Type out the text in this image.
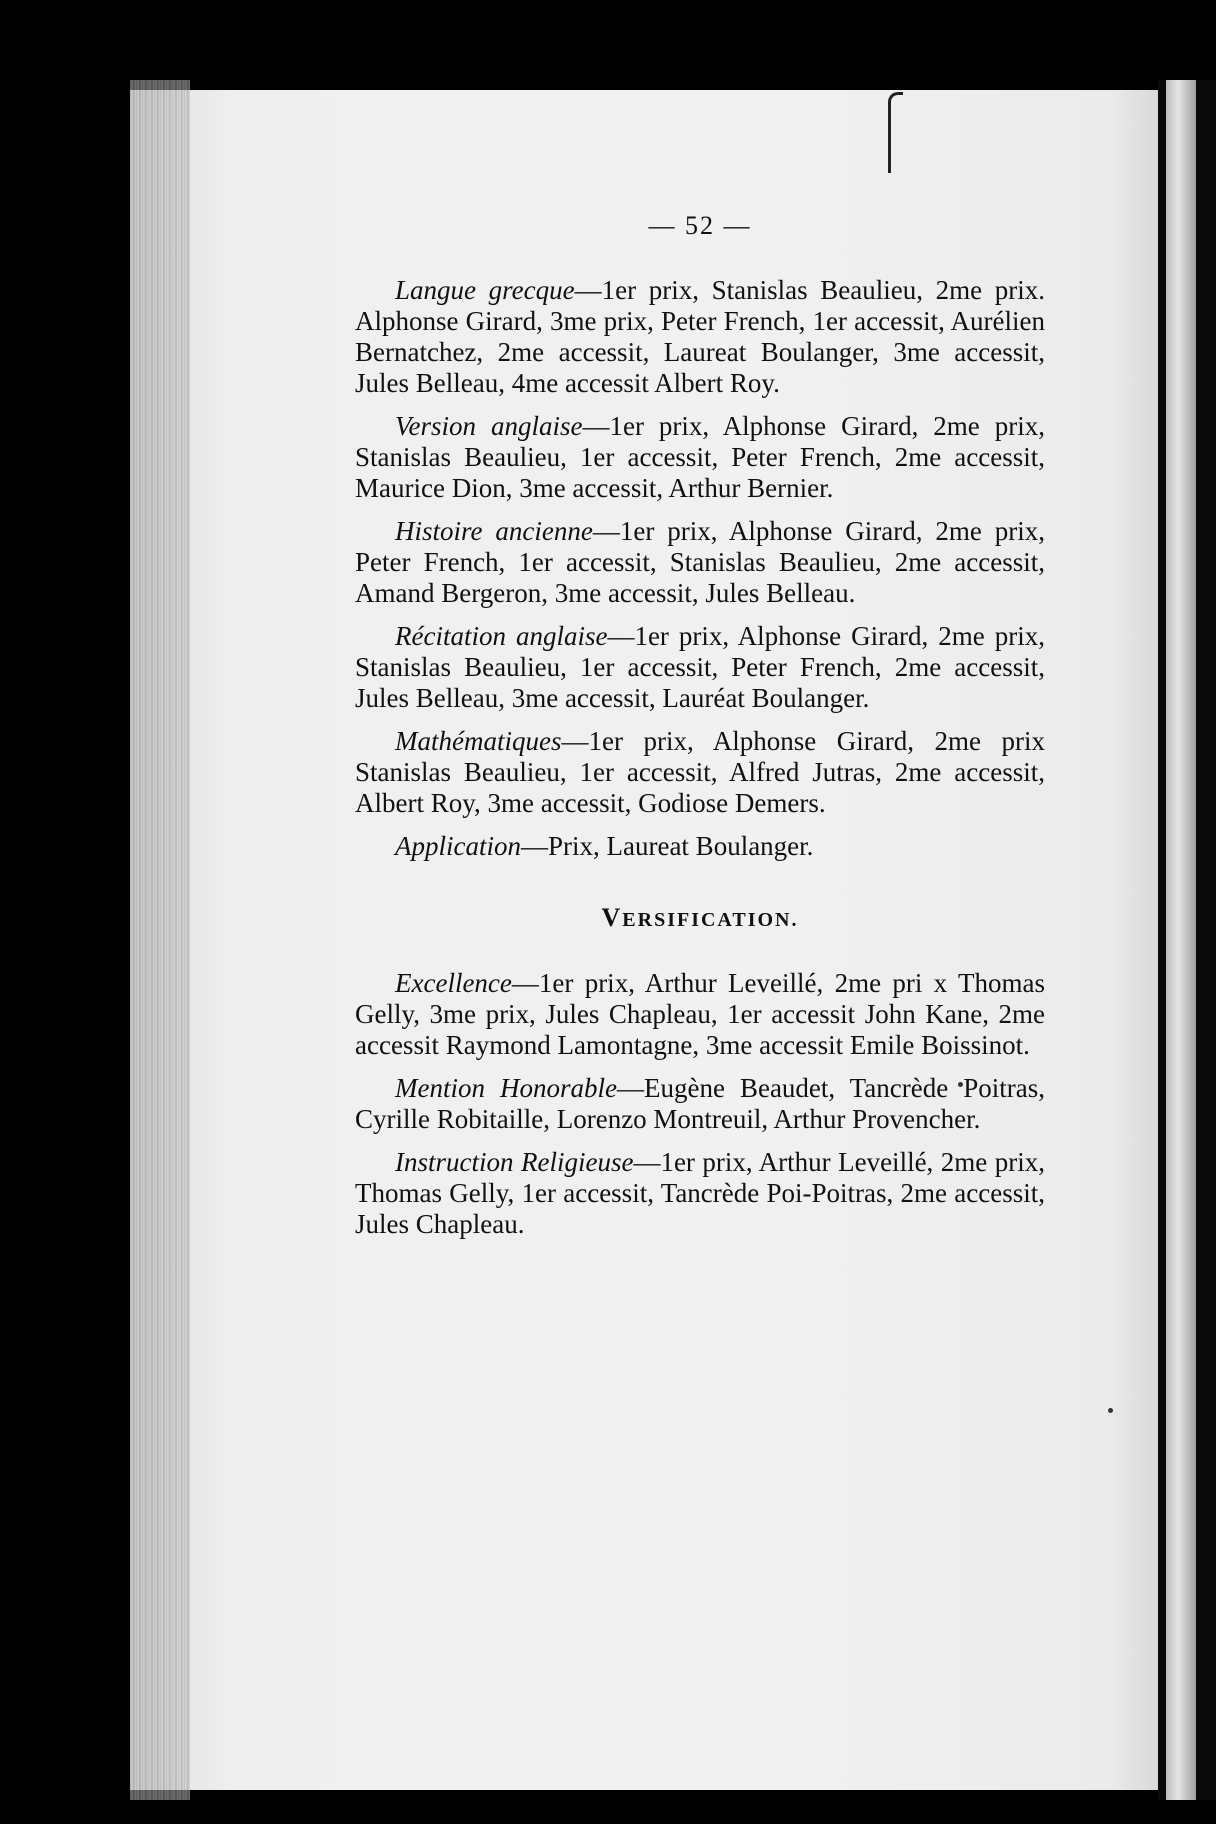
— 52 —

Langue grecque—1er prix, Stanislas Beaulieu, 2me prix. Alphonse Girard, 3me prix, Peter French, 1er accessit, Aurélien Bernatchez, 2me accessit, Laureat Boulanger, 3me accessit, Jules Belleau, 4me accessit Albert Roy.

Version anglaise—1er prix, Alphonse Girard, 2me prix, Stanislas Beaulieu, 1er accessit, Peter French, 2me accessit, Maurice Dion, 3me accessit, Arthur Bernier.

Histoire ancienne—1er prix, Alphonse Girard, 2me prix, Peter French, 1er accessit, Stanislas Beaulieu, 2me accessit, Amand Bergeron, 3me accessit, Jules Belleau.

Récitation anglaise—1er prix, Alphonse Girard, 2me prix, Stanislas Beaulieu, 1er accessit, Peter French, 2me accessit, Jules Belleau, 3me accessit, Lauréat Boulanger.

Mathématiques—1er prix, Alphonse Girard, 2me prix Stanislas Beaulieu, 1er accessit, Alfred Jutras, 2me accessit, Albert Roy, 3me accessit, Godiose Demers.

Application—Prix, Laureat Boulanger.

VERSIFICATION.

Excellence—1er prix, Arthur Leveillé, 2me pri x Thomas Gelly, 3me prix, Jules Chapleau, 1er accessit John Kane, 2me accessit Raymond Lamontagne, 3me accessit Emile Boissinot.

Mention Honorable—Eugène Beaudet, Tancrède Poitras, Cyrille Robitaille, Lorenzo Montreuil, Arthur Provencher.

Instruction Religieuse—1er prix, Arthur Leveillé, 2me prix, Thomas Gelly, 1er accessit, Tancrède Poi-Poitras, 2me accessit, Jules Chapleau.
